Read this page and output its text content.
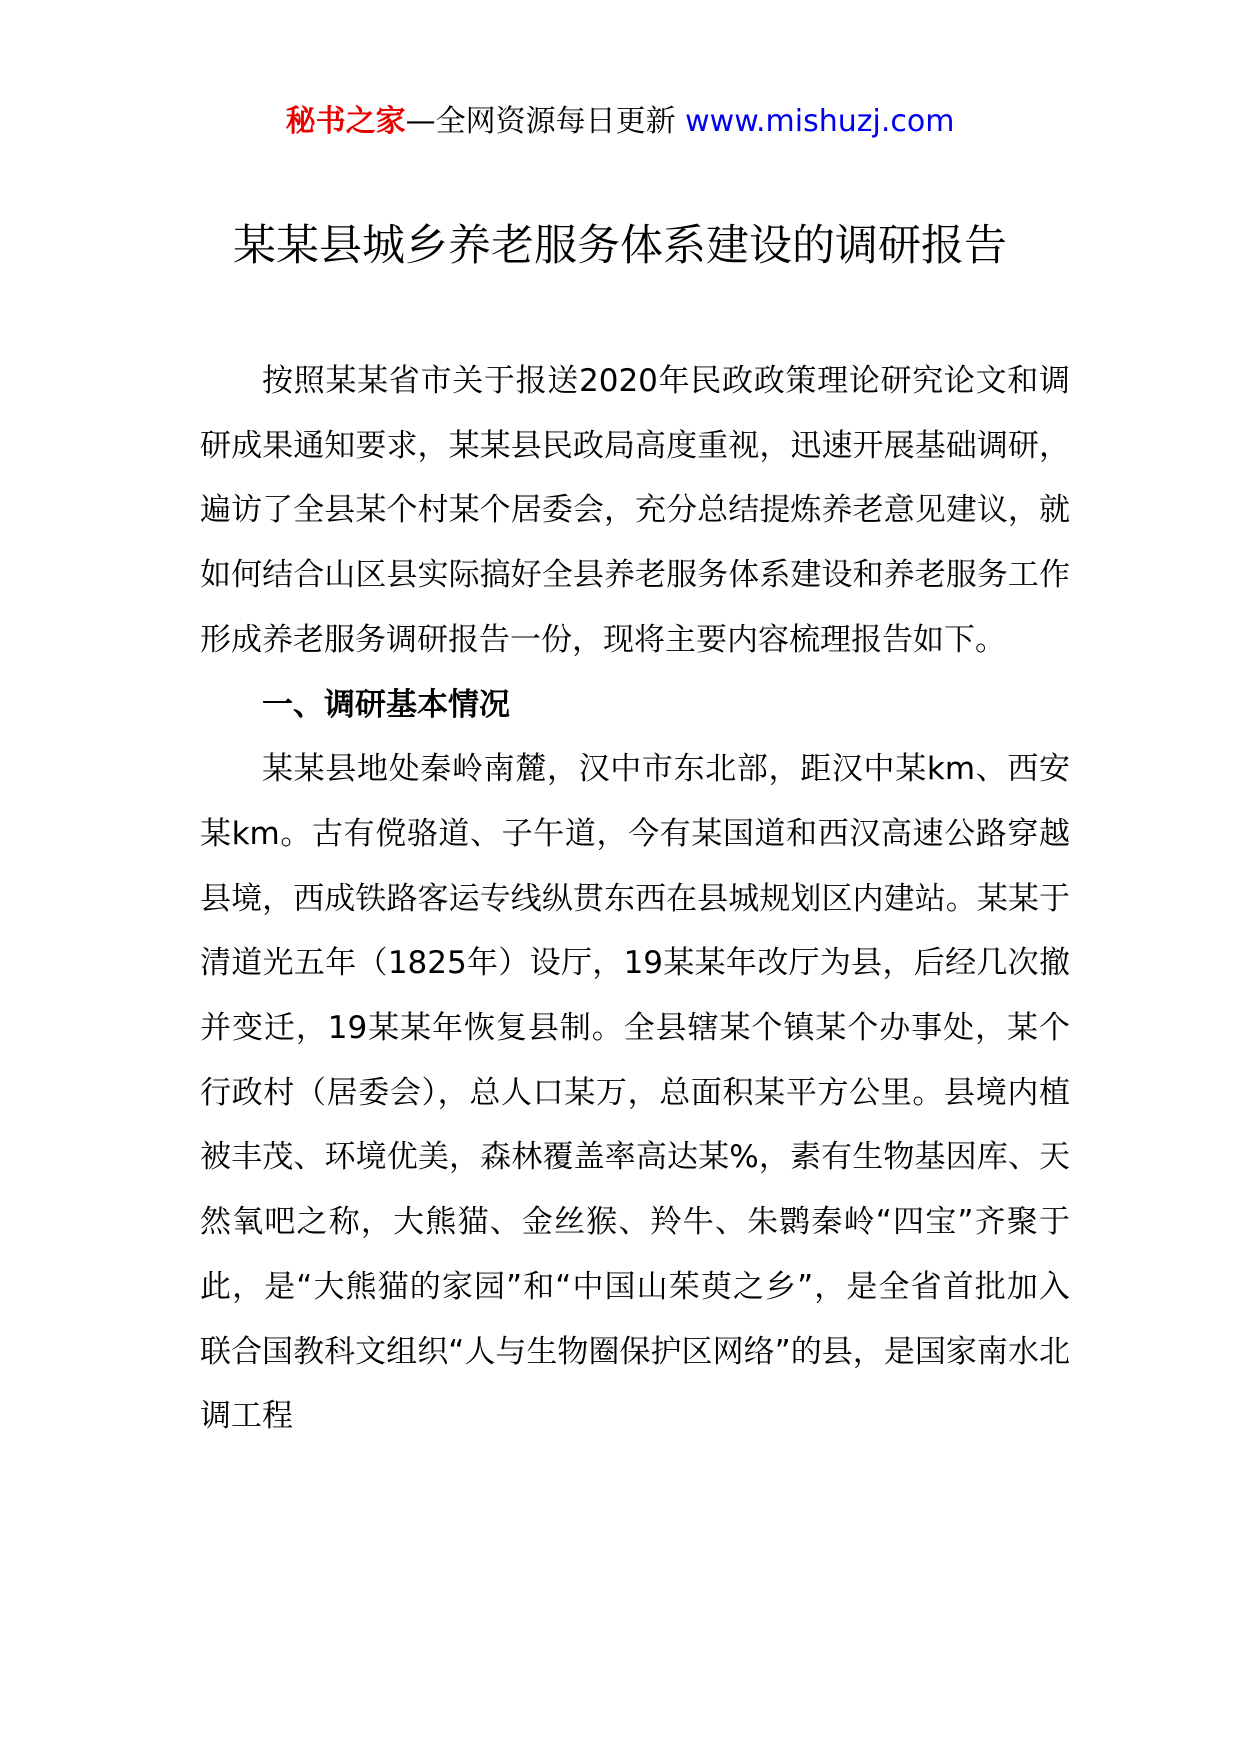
秘书之家—全网资源每日更新 www.mishuzj.com
某某县城乡养老服务体系建设的调研报告

按照某某省市关于报送2020年民政政策理论研究论文和调研成果通知要求，某某县民政局高度重视，迅速开展基础调研，遍访了全县某个村某个居委会，充分总结提炼养老意见建议，就如何结合山区县实际搞好全县养老服务体系建设和养老服务工作形成养老服务调研报告一份，现将主要内容梳理报告如下。

一、调研基本情况

某某县地处秦岭南麓，汉中市东北部，距汉中某km、西安某km。古有傥骆道、子午道，今有某国道和西汉高速公路穿越县境，西成铁路客运专线纵贯东西在县城规划区内建站。某某于清道光五年（1825年）设厅，19某某年改厅为县，后经几次撤并变迁，19某某年恢复县制。全县辖某个镇某个办事处，某个行政村（居委会），总人口某万，总面积某平方公里。县境内植被丰茂、环境优美，森林覆盖率高达某%，素有生物基因库、天然氧吧之称，大熊猫、金丝猴、羚牛、朱鹮秦岭“四宝”齐聚于此，是“大熊猫的家园”和“中国山茱萸之乡”，是全省首批加入联合国教科文组织“人与生物圈保护区网络”的县，是国家南水北调工程
